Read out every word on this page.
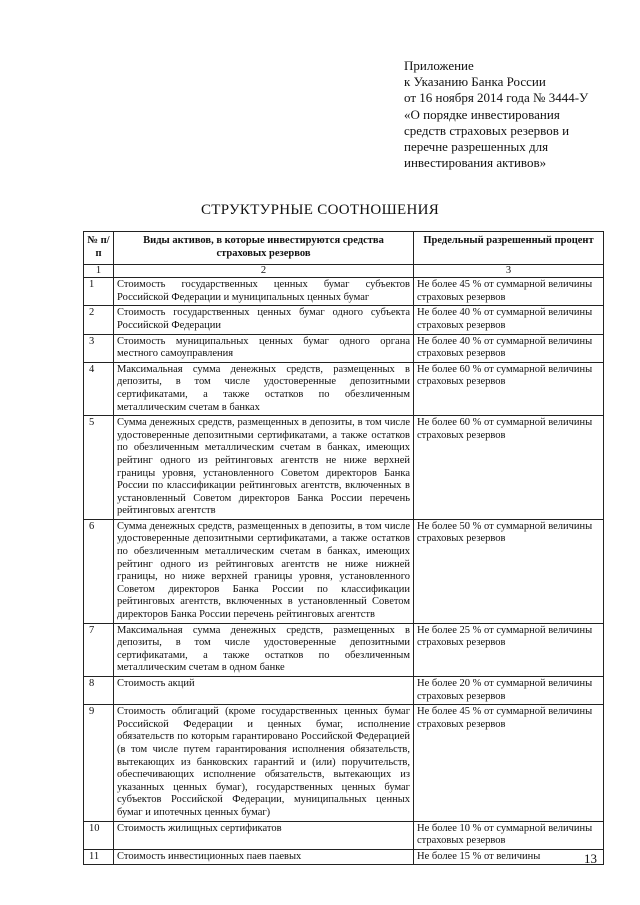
Приложение
к Указанию Банка России
от 16 ноября 2014 года № 3444-У
«О порядке инвестирования
средств страховых резервов и
перечне разрешенных для
инвестирования активов»
СТРУКТУРНЫЕ СООТНОШЕНИЯ
№ п/п	Виды активов, в которые инвестируются средства страховых резервов	Предельный разрешенный процент
1	2	3
1	Стоимость государственных ценных бумаг субъектов Российской Федерации и муниципальных ценных бумаг	Не более 45 % от суммарной величины страховых резервов
2	Стоимость государственных ценных бумаг одного субъекта Российской Федерации	Не более 40 % от суммарной величины страховых резервов
3	Стоимость муниципальных ценных бумаг одного органа местного самоуправления	Не более 40 % от суммарной величины страховых резервов
4	Максимальная сумма денежных средств, размещенных в депозиты, в том числе удостоверенные депозитными сертификатами, а также остатков по обезличенным металлическим счетам в банках	Не более 60 % от суммарной величины страховых резервов
5	Сумма денежных средств, размещенных в депозиты, в том числе удостоверенные депозитными сертификатами, а также остатков по обезличенным металлическим счетам в банках, имеющих рейтинг одного из рейтинговых агентств не ниже верхней границы уровня, установленного Советом директоров Банка России по классификации рейтинговых агентств, включенных в установленный Советом директоров Банка России перечень рейтинговых агентств	Не более 60 % от суммарной величины страховых резервов
6	Сумма денежных средств, размещенных в депозиты, в том числе удостоверенные депозитными сертификатами, а также остатков по обезличенным металлическим счетам в банках, имеющих рейтинг одного из рейтинговых агентств не ниже нижней границы, но ниже верхней границы уровня, установленного Советом директоров Банка России по классификации рейтинговых агентств, включенных в установленный Советом директоров Банка России перечень рейтинговых агентств	Не более 50 % от суммарной величины страховых резервов
7	Максимальная сумма денежных средств, размещенных в депозиты, в том числе удостоверенные депозитными сертификатами, а также остатков по обезличенным металлическим счетам в одном банке	Не более 25 % от суммарной величины страховых резервов
8	Стоимость акций	Не более 20 % от суммарной величины страховых резервов
9	Стоимость облигаций (кроме государственных ценных бумаг Российской Федерации и ценных бумаг, исполнение обязательств по которым гарантировано Российской Федерацией (в том числе путем гарантирования исполнения обязательств, вытекающих из банковских гарантий и (или) поручительств, обеспечивающих исполнение обязательств, вытекающих из указанных ценных бумаг), государственных ценных бумаг субъектов Российской Федерации, муниципальных ценных бумаг и ипотечных ценных бумаг)	Не более 45 % от суммарной величины страховых резервов
10	Стоимость жилищных сертификатов	Не более 10 % от суммарной величины страховых резервов
11	Стоимость инвестиционных паев паевых	Не более 15 % от величины	13
